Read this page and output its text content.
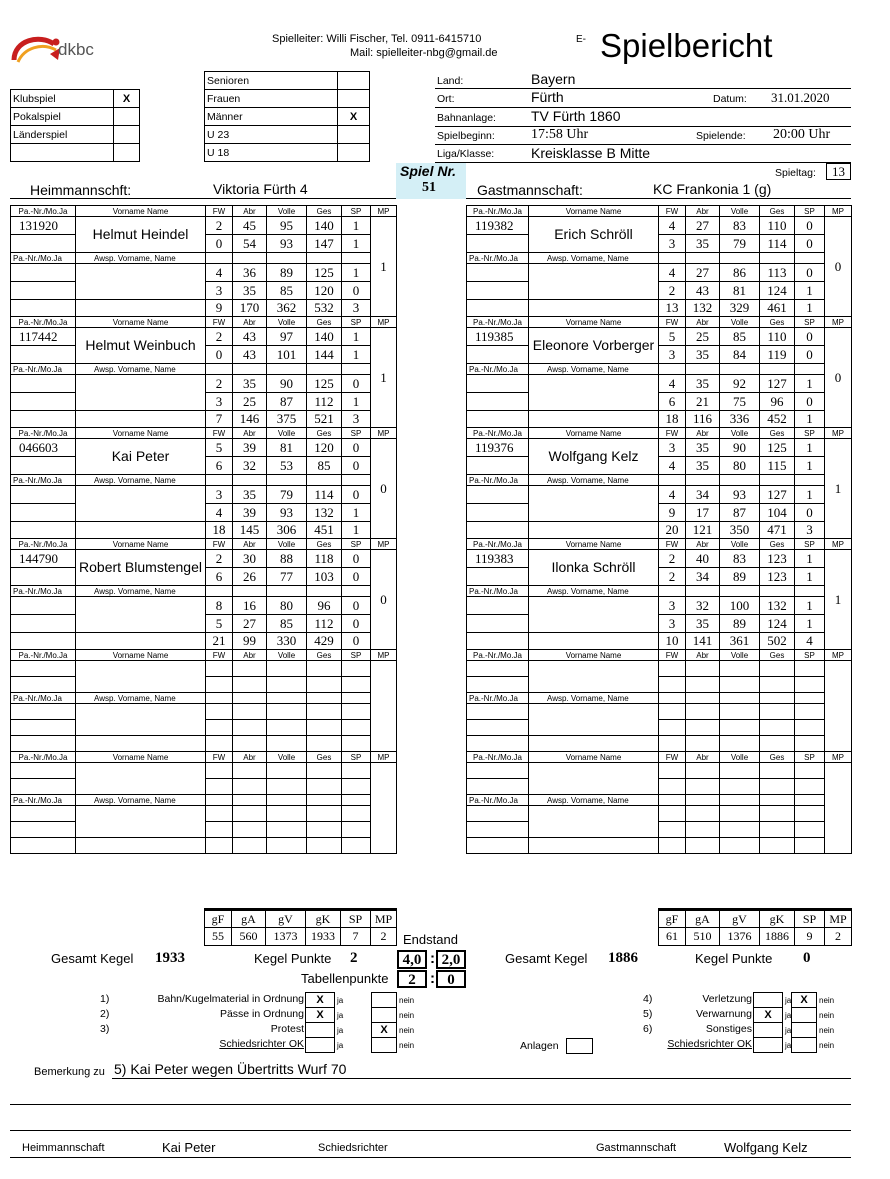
dkbc
Spielleiter: Willi Fischer, Tel. 0911-6415710
Mail: spielleiter-nbg@gmail.de
E- Spielbericht
Klubspiel	X
Pokalspiel	
Länderspiel	

Senioren	
Frauen	
Männer	X
U 23	
U 18	
Land:	Bayern
Ort:	Fürth	Datum: 31.01.2020
Bahnanlage:	TV Fürth 1860
Spielbeginn:	17:58 Uhr	Spielende: 20:00 Uhr
Liga/Klasse:	Kreisklasse B Mitte
Spiel Nr.
51
Spieltag:	13
Heimmannschft:	Viktoria Fürth 4	Gastmannschaft:	KC Frankonia 1 (g)
Pa.-Nr./Mo.Ja	Vorname Name	FW	Abr	Volle	Ges	SP	MP
131920	Helmut Heindel	2	45	95	140	1	1
		0	54	93	147	1	
Pa.-Nr./Mo.Ja	Awsp. Vorname, Name						
		4	36	89	125	1	
		3	35	85	120	0	
		9	170	362	532	3	
Pa.-Nr./Mo.Ja	Vorname Name	FW	Abr	Volle	Ges	SP	MP
117442	Helmut Weinbuch	2	43	97	140	1	1
		0	43	101	144	1	
Pa.-Nr./Mo.Ja	Awsp. Vorname, Name						
		2	35	90	125	0	
		3	25	87	112	1	
		7	146	375	521	3	
Pa.-Nr./Mo.Ja	Vorname Name	FW	Abr	Volle	Ges	SP	MP
046603	Kai Peter	5	39	81	120	0	0
		6	32	53	85	0	
Pa.-Nr./Mo.Ja	Awsp. Vorname, Name						
		3	35	79	114	0	
		4	39	93	132	1	
		18	145	306	451	1	
Pa.-Nr./Mo.Ja	Vorname Name	FW	Abr	Volle	Ges	SP	MP
144790	Robert Blumstengel	2	30	88	118	0	0
		6	26	77	103	0	
Pa.-Nr./Mo.Ja	Awsp. Vorname, Name						
		8	16	80	96	0	
		5	27	85	112	0	
		21	99	330	429	0	
Pa.-Nr./Mo.Ja	Vorname Name	FW	Abr	Volle	Ges	SP	MP

Pa.-Nr./Mo.Ja	Awsp. Vorname, Name						

Pa.-Nr./Mo.Ja	Vorname Name	FW	Abr	Volle	Ges	SP	MP

Pa.-Nr./Mo.Ja	Awsp. Vorname, Name						

Pa.-Nr./Mo.Ja	Vorname Name	FW	Abr	Volle	Ges	SP	MP
119382	Erich Schröll	4	27	83	110	0	0
		3	35	79	114	0	
Pa.-Nr./Mo.Ja	Awsp. Vorname, Name						
		4	27	86	113	0	
		2	43	81	124	1	
		13	132	329	461	1	
Pa.-Nr./Mo.Ja	Vorname Name	FW	Abr	Volle	Ges	SP	MP
119385	Eleonore Vorberger	5	25	85	110	0	0
		3	35	84	119	0	
Pa.-Nr./Mo.Ja	Awsp. Vorname, Name						
		4	35	92	127	1	
		6	21	75	96	0	
		18	116	336	452	1	
Pa.-Nr./Mo.Ja	Vorname Name	FW	Abr	Volle	Ges	SP	MP
119376	Wolfgang Kelz	3	35	90	125	1	1
		4	35	80	115	1	
Pa.-Nr./Mo.Ja	Awsp. Vorname, Name						
		4	34	93	127	1	
		9	17	87	104	0	
		20	121	350	471	3	
Pa.-Nr./Mo.Ja	Vorname Name	FW	Abr	Volle	Ges	SP	MP
119383	Ilonka Schröll	2	40	83	123	1	1
		2	34	89	123	1	
Pa.-Nr./Mo.Ja	Awsp. Vorname, Name						
		3	32	100	132	1	
		3	35	89	124	1	
		10	141	361	502	4	
Pa.-Nr./Mo.Ja	Vorname Name	FW	Abr	Volle	Ges	SP	MP

Pa.-Nr./Mo.Ja	Awsp. Vorname, Name						

Pa.-Nr./Mo.Ja	Vorname Name	FW	Abr	Volle	Ges	SP	MP

Pa.-Nr./Mo.Ja	Awsp. Vorname, Name						

gF	gA	gV	gK	SP	MP
55	560	1373	1933	7	2
gF	gA	gV	gK	SP	MP
61	510	1376	1886	9	2
Endstand
Gesamt Kegel 1933	Kegel Punkte 2	4,0 : 2,0	Gesamt Kegel 1886	Kegel Punkte 0
Tabellenpunkte	2 : 0
1)	Bahn/Kugelmaterial in Ordnung	X	ja	nein
2)	Pässe in Ordnung	X	ja	nein
3)	Protest	ja	X	nein
Schiedsrichter OK	ja	nein
4)	Verletzung	ja X	nein
5)	Verwarnung	X	ja	nein
6)	Sonstiges	ja	nein
Schiedsrichter OK	ja	nein
Anlagen
Bemerkung zu 5) Kai Peter wegen Übertritts Wurf 70
Heimmannschaft	Kai Peter	Schiedsrichter	Gastmannschaft	Wolfgang Kelz
